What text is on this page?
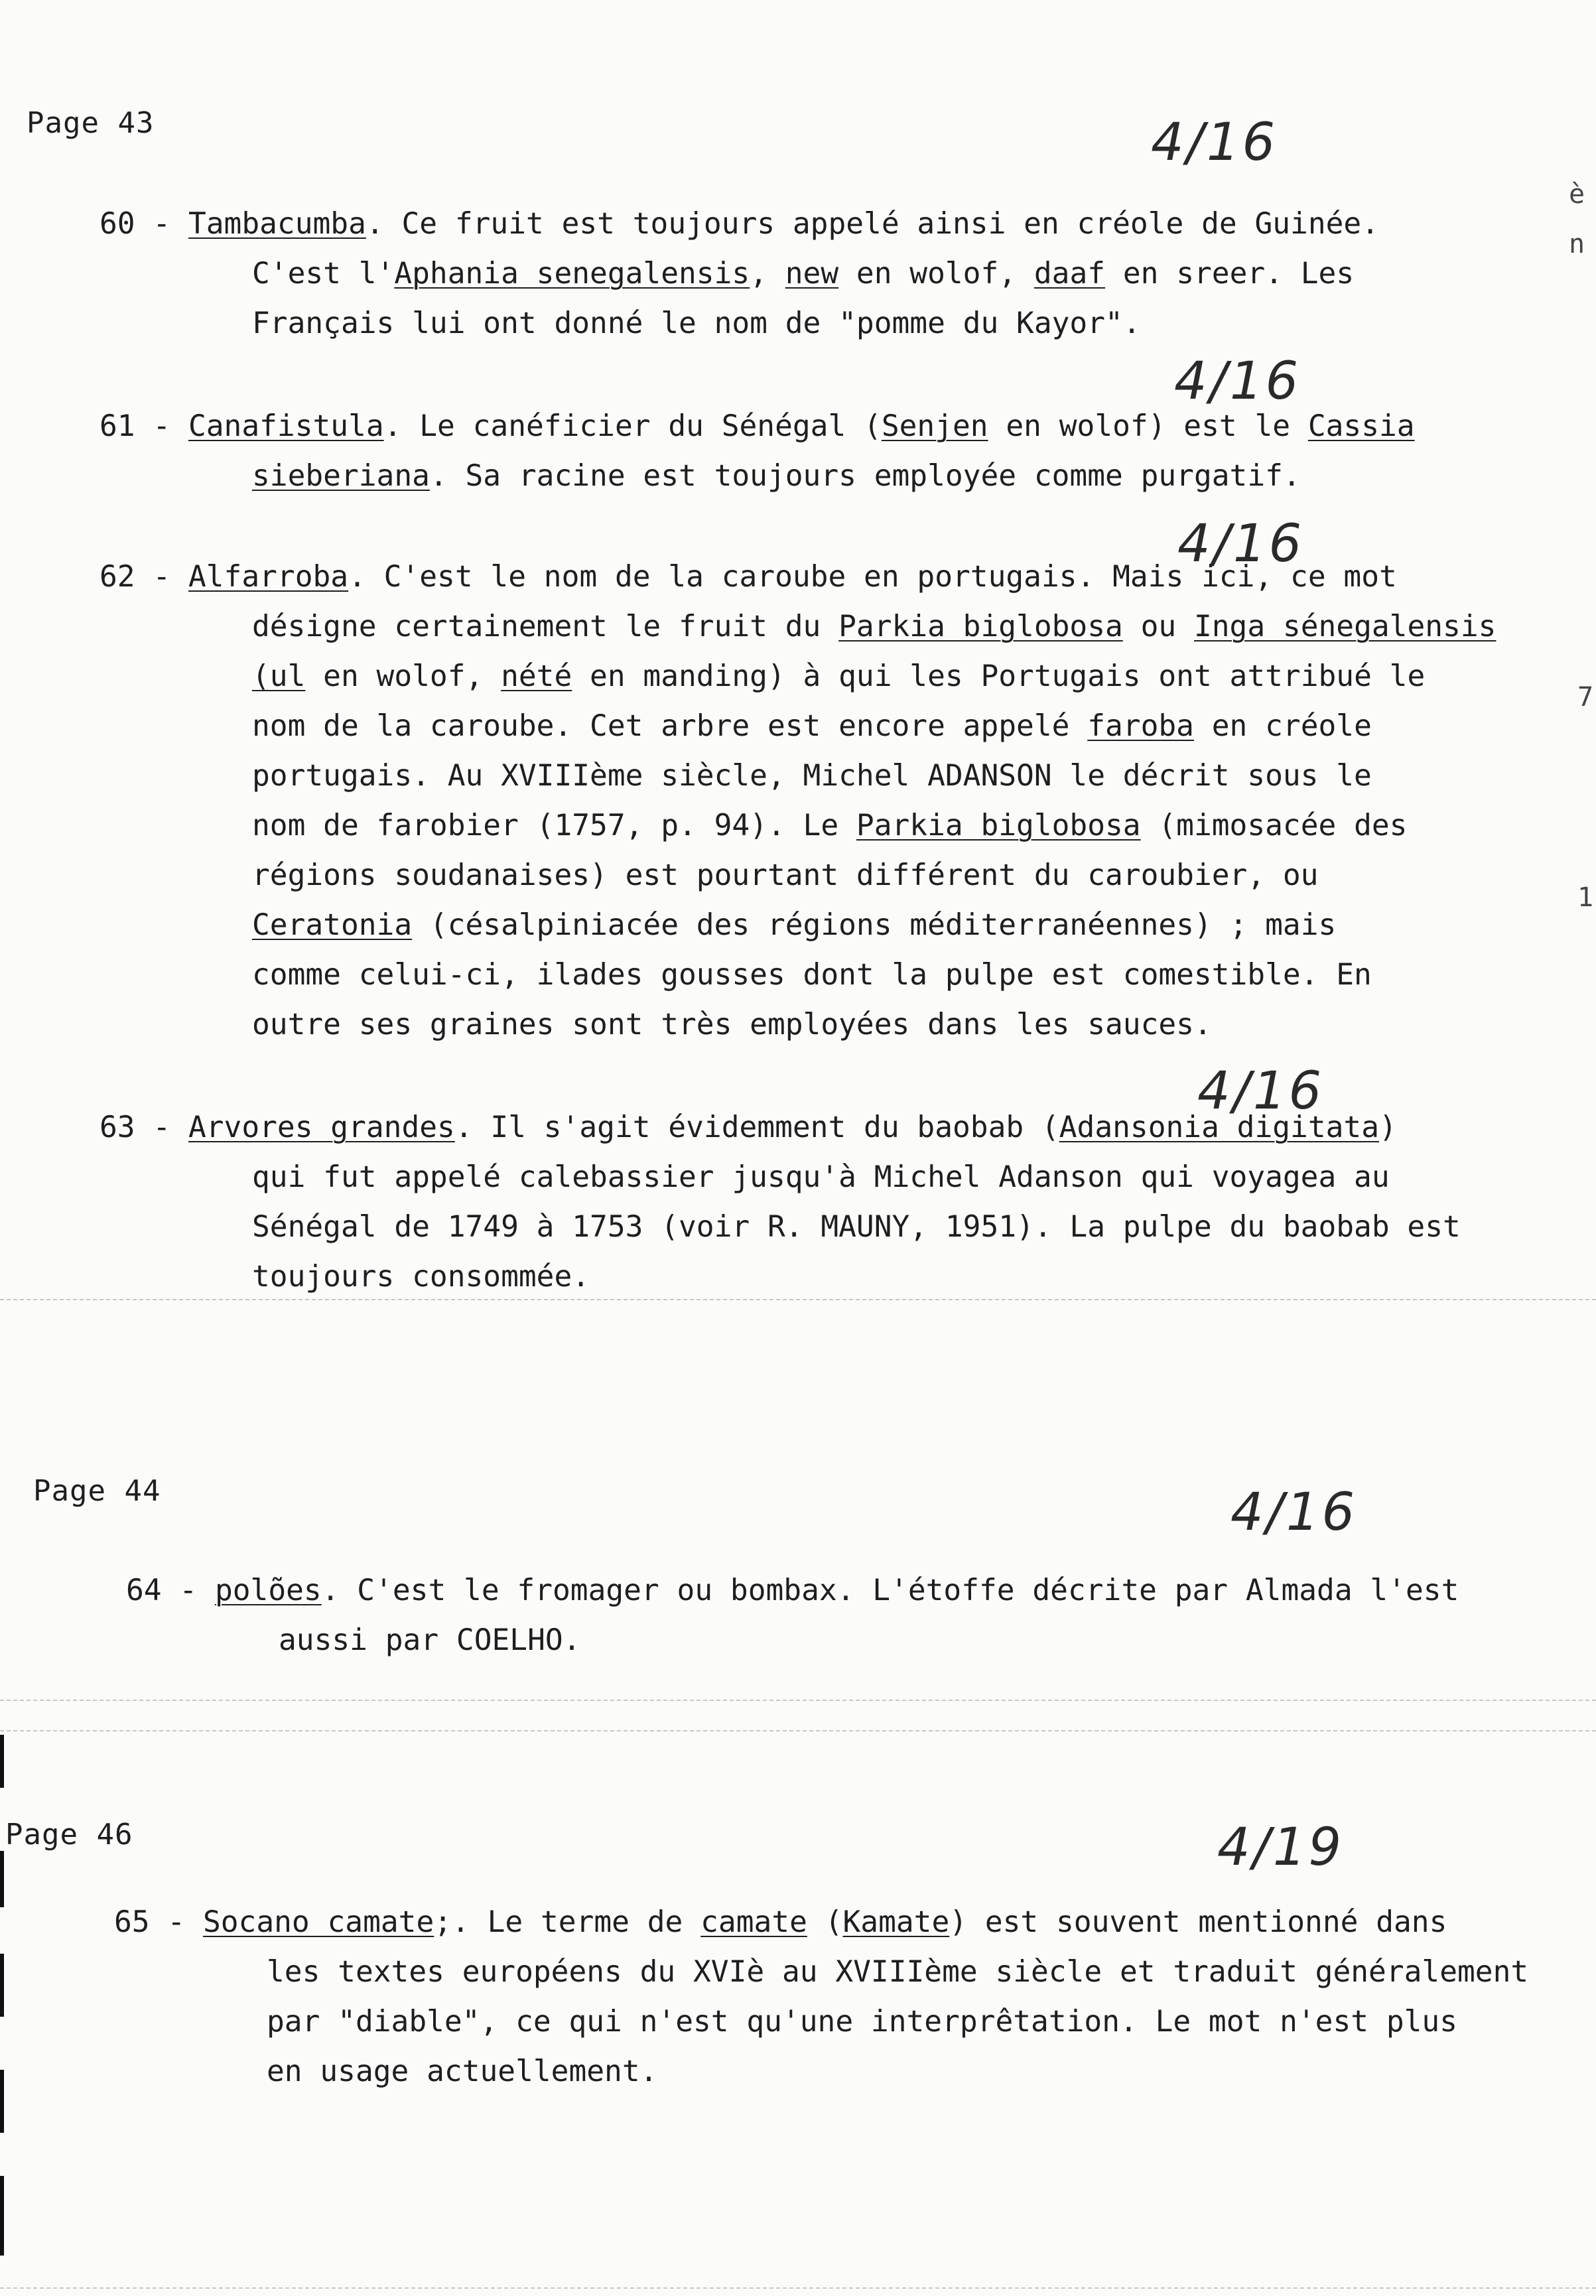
Page 43	4/16
60 - Tambacumba. Ce fruit est toujours appelé ainsi en créole de Guinée.
C'est l'Aphania senegalensis, new en wolof, daaf en sreer. Les
Français lui ont donné le nom de "pomme du Kayor".
4/16
61 - Canafistula. Le canéficier du Sénégal (Senjen en wolof) est le Cassia
sieberiana. Sa racine est toujours employée comme purgatif.
4/16
62 - Alfarroba. C'est le nom de la caroube en portugais. Mais ici, ce mot
désigne certainement le fruit du Parkia biglobosa ou Inga sénegalensis
(ul en wolof, nété en manding) à qui les Portugais ont attribué le
nom de la caroube. Cet arbre est encore appelé faroba en créole
portugais. Au XVIIIème siècle, Michel ADANSON le décrit sous le
nom de farobier (1757, p. 94). Le Parkia biglobosa (mimosacée des
régions soudanaises) est pourtant différent du caroubier, ou
Ceratonia (césalpiniacée des régions méditerranéennes) ; mais
comme celui-ci, ilades gousses dont la pulpe est comestible. En
outre ses graines sont très employées dans les sauces.
4/16
63 - Arvores grandes. Il s'agit évidemment du baobab (Adansonia digitata)
qui fut appelé calebassier jusqu'à Michel Adanson qui voyagea au
Sénégal de 1749 à 1753 (voir R. MAUNY, 1951). La pulpe du baobab est
toujours consommée.
Page 44	4/16
64 - polões. C'est le fromager ou bombax. L'étoffe décrite par Almada l'est
aussi par COELHO.
Page 46	4/19
65 - Socano camate;. Le terme de camate (Kamate) est souvent mentionné dans
les textes européens du XVIè au XVIIIème siècle et traduit généralement
par "diable", ce qui n'est qu'une interprêtation. Le mot n'est plus
en usage actuellement.
è
n
7
1
